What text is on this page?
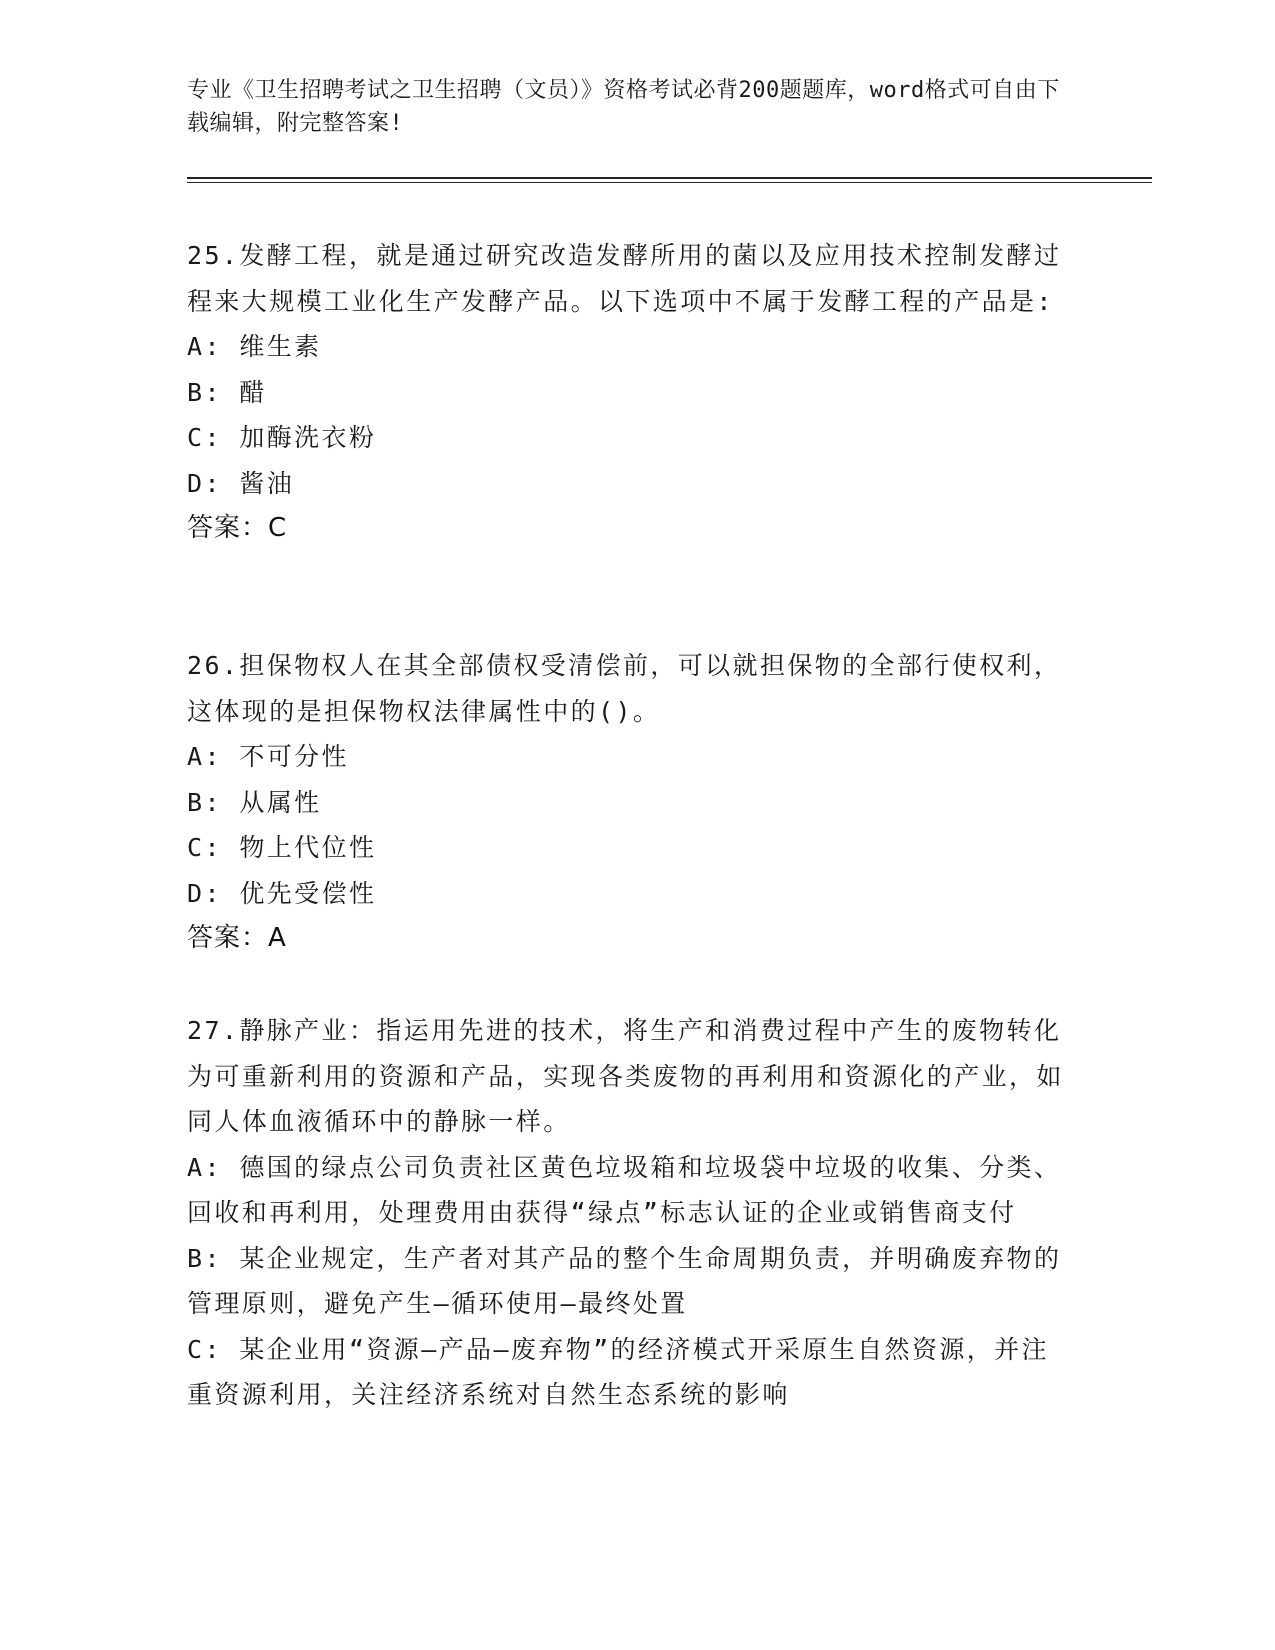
专业《卫生招聘考试之卫生招聘（文员）》资格考试必背200题题库，word格式可自由下载编辑，附完整答案!

25.发酵工程，就是通过研究改造发酵所用的菌以及应用技术控制发酵过程来大规模工业化生产发酵产品。以下选项中不属于发酵工程的产品是:

A: 维生素

B: 醋

C: 加酶洗衣粉

D: 酱油

答案：C

26.担保物权人在其全部债权受清偿前，可以就担保物的全部行使权利，这体现的是担保物权法律属性中的()。

A: 不可分性

B: 从属性

C: 物上代位性

D: 优先受偿性

答案：A

27.静脉产业：指运用先进的技术，将生产和消费过程中产生的废物转化为可重新利用的资源和产品，实现各类废物的再利用和资源化的产业，如同人体血液循环中的静脉一样。

A: 德国的绿点公司负责社区黄色垃圾箱和垃圾袋中垃圾的收集、分类、回收和再利用，处理费用由获得“绿点”标志认证的企业或销售商支付

B: 某企业规定，生产者对其产品的整个生命周期负责，并明确废弃物的管理原则，避免产生—循环使用—最终处置

C: 某企业用“资源—产品—废弃物”的经济模式开采原生自然资源，并注重资源利用，关注经济系统对自然生态系统的影响
